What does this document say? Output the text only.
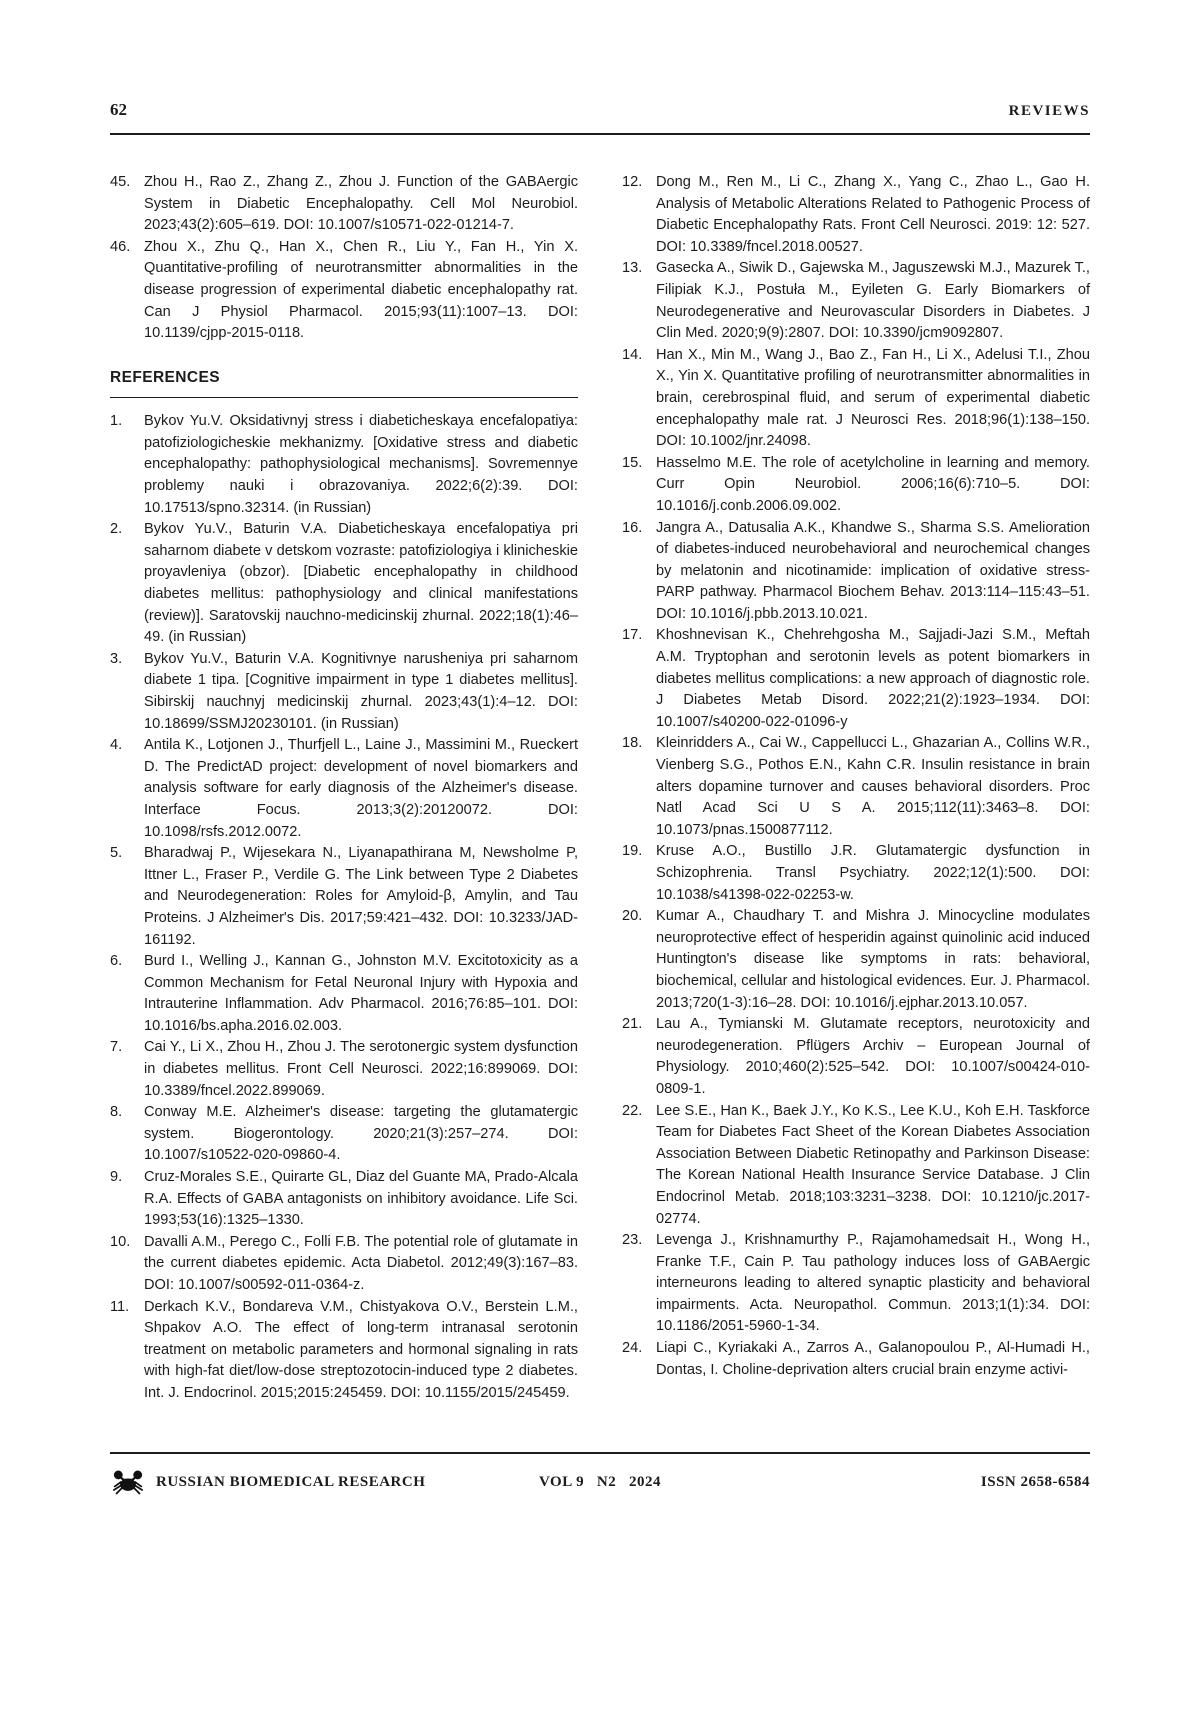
62	REVIEWS
45. Zhou H., Rao Z., Zhang Z., Zhou J. Function of the GABAergic System in Diabetic Encephalopathy. Cell Mol Neurobiol. 2023;43(2):605–619. DOI: 10.1007/s10571-022-01214-7.
46. Zhou X., Zhu Q., Han X., Chen R., Liu Y., Fan H., Yin X. Quantitative-profiling of neurotransmitter abnormalities in the disease progression of experimental diabetic encephalopathy rat. Can J Physiol Pharmacol. 2015;93(11):1007–13. DOI: 10.1139/cjpp-2015-0118.
REFERENCES
1.	Bykov Yu.V. Oksidativnyj stress i diabeticheskaya encefalopatiya: patofiziologicheskie mekhanizmy. [Oxidative stress and diabetic encephalopathy: pathophysiological mechanisms]. Sovremennye problemy nauki i obrazovaniya. 2022;6(2):39. DOI: 10.17513/spno.32314. (in Russian)
2.	Bykov Yu.V., Baturin V.A. Diabeticheskaya encefalopatiya pri saharnom diabete v detskom vozraste: patofiziologiya i klinicheskie proyavleniya (obzor). [Diabetic encephalopathy in childhood diabetes mellitus: pathophysiology and clinical manifestations (review)]. Saratovskij nauchno-medicinskij zhurnal. 2022;18(1):46–49. (in Russian)
3.	Bykov Yu.V., Baturin V.A. Kognitivnye narusheniya pri saharnom diabete 1 tipa. [Cognitive impairment in type 1 diabetes mellitus]. Sibirskij nauchnyj medicinskij zhurnal. 2023;43(1):4–12. DOI: 10.18699/SSMJ20230101. (in Russian)
4.	Antila K., Lotjonen J., Thurfjell L., Laine J., Massimini M., Rueckert D. The PredictAD project: development of novel biomarkers and analysis software for early diagnosis of the Alzheimer's disease. Interface Focus. 2013;3(2):20120072. DOI: 10.1098/rsfs.2012.0072.
5.	Bharadwaj P., Wijesekara N., Liyanapathirana M, Newsholme P, Ittner L., Fraser P., Verdile G. The Link between Type 2 Diabetes and Neurodegeneration: Roles for Amyloid-β, Amylin, and Tau Proteins. J Alzheimer's Dis. 2017;59:421–432. DOI: 10.3233/JAD-161192.
6.	Burd I., Welling J., Kannan G., Johnston M.V. Excitotoxicity as a Common Mechanism for Fetal Neuronal Injury with Hypoxia and Intrauterine Inflammation. Adv Pharmacol. 2016;76:85–101. DOI: 10.1016/bs.apha.2016.02.003.
7.	Cai Y., Li X., Zhou H., Zhou J. The serotonergic system dysfunction in diabetes mellitus. Front Cell Neurosci. 2022;16:899069. DOI: 10.3389/fncel.2022.899069.
8.	Conway M.E. Alzheimer's disease: targeting the glutamatergic system. Biogerontology. 2020;21(3):257–274. DOI: 10.1007/s10522-020-09860-4.
9.	Cruz-Morales S.E., Quirarte GL, Diaz del Guante MA, Prado-Alcala R.A. Effects of GABA antagonists on inhibitory avoidance. Life Sci. 1993;53(16):1325–1330.
10. Davalli A.M., Perego C., Folli F.B. The potential role of glutamate in the current diabetes epidemic. Acta Diabetol. 2012;49(3):167–83. DOI: 10.1007/s00592-011-0364-z.
11.	Derkach K.V., Bondareva V.M., Chistyakova O.V., Berstein L.M., Shpakov A.O. The effect of long-term intranasal serotonin treatment on metabolic parameters and hormonal signaling in rats with high-fat diet/low-dose streptozotocin-induced type 2 diabetes. Int. J. Endocrinol. 2015;2015:245459. DOI: 10.1155/2015/245459.
12. Dong M., Ren M., Li C., Zhang X., Yang C., Zhao L., Gao H. Analysis of Metabolic Alterations Related to Pathogenic Process of Diabetic Encephalopathy Rats. Front Cell Neurosci. 2019: 12: 527. DOI: 10.3389/fncel.2018.00527.
13. Gasecka A., Siwik D., Gajewska M., Jaguszewski M.J., Mazurek T., Filipiak K.J., Postuła M., Eyileten G. Early Biomarkers of Neurodegenerative and Neurovascular Disorders in Diabetes. J Clin Med. 2020;9(9):2807. DOI: 10.3390/jcm9092807.
14. Han X., Min M., Wang J., Bao Z., Fan H., Li X., Adelusi T.I., Zhou X., Yin X. Quantitative profiling of neurotransmitter abnormalities in brain, cerebrospinal fluid, and serum of experimental diabetic encephalopathy male rat. J Neurosci Res. 2018;96(1):138–150. DOI: 10.1002/jnr.24098.
15. Hasselmo M.E. The role of acetylcholine in learning and memory. Curr Opin Neurobiol. 2006;16(6):710–5. DOI: 10.1016/j.conb.2006.09.002.
16. Jangra A., Datusalia A.K., Khandwe S., Sharma S.S. Amelioration of diabetes-induced neurobehavioral and neurochemical changes by melatonin and nicotinamide: implication of oxidative stress-PARP pathway. Pharmacol Biochem Behav. 2013:114–115:43–51. DOI: 10.1016/j.pbb.2013.10.021.
17. Khoshnevisan K., Chehrehgosha M., Sajjadi-Jazi S.M., Meftah A.M. Tryptophan and serotonin levels as potent biomarkers in diabetes mellitus complications: a new approach of diagnostic role. J Diabetes Metab Disord. 2022;21(2):1923–1934. DOI: 10.1007/s40200-022-01096-y
18. Kleinridders A., Cai W., Cappellucci L., Ghazarian A., Collins W.R., Vienberg S.G., Pothos E.N., Kahn C.R. Insulin resistance in brain alters dopamine turnover and causes behavioral disorders. Proc Natl Acad Sci U S A. 2015;112(11):3463–8. DOI: 10.1073/pnas.1500877112.
19. Kruse A.O., Bustillo J.R. Glutamatergic dysfunction in Schizophrenia. Transl Psychiatry. 2022;12(1):500. DOI: 10.1038/s41398-022-02253-w.
20. Kumar A., Chaudhary T. and Mishra J. Minocycline modulates neuroprotective effect of hesperidin against quinolinic acid induced Huntington's disease like symptoms in rats: behavioral, biochemical, cellular and histological evidences. Eur. J. Pharmacol. 2013;720(1-3):16–28. DOI: 10.1016/j.ejphar.2013.10.057.
21. Lau A., Tymianski M. Glutamate receptors, neurotoxicity and neurodegeneration. Pflügers Archiv – European Journal of Physiology. 2010;460(2):525–542. DOI: 10.1007/s00424-010-0809-1.
22. Lee S.E., Han K., Baek J.Y., Ko K.S., Lee K.U., Koh E.H. Taskforce Team for Diabetes Fact Sheet of the Korean Diabetes Association Association Between Diabetic Retinopathy and Parkinson Disease: The Korean National Health Insurance Service Database. J Clin Endocrinol Metab. 2018;103:3231–3238. DOI: 10.1210/jc.2017-02774.
23. Levenga J., Krishnamurthy P., Rajamohamedsait H., Wong H., Franke T.F., Cain P. Tau pathology induces loss of GABAergic interneurons leading to altered synaptic plasticity and behavioral impairments. Acta. Neuropathol. Commun. 2013;1(1):34. DOI: 10.1186/2051-5960-1-34.
24. Liapi C., Kyriakaki A., Zarros A., Galanopoulou P., Al-Humadi H., Dontas, I. Choline-deprivation alters crucial brain enzyme activi-
RUSSIAN BIOMEDICAL RESEARCH	VOL 9   N2   2024	ISSN 2658-6584
